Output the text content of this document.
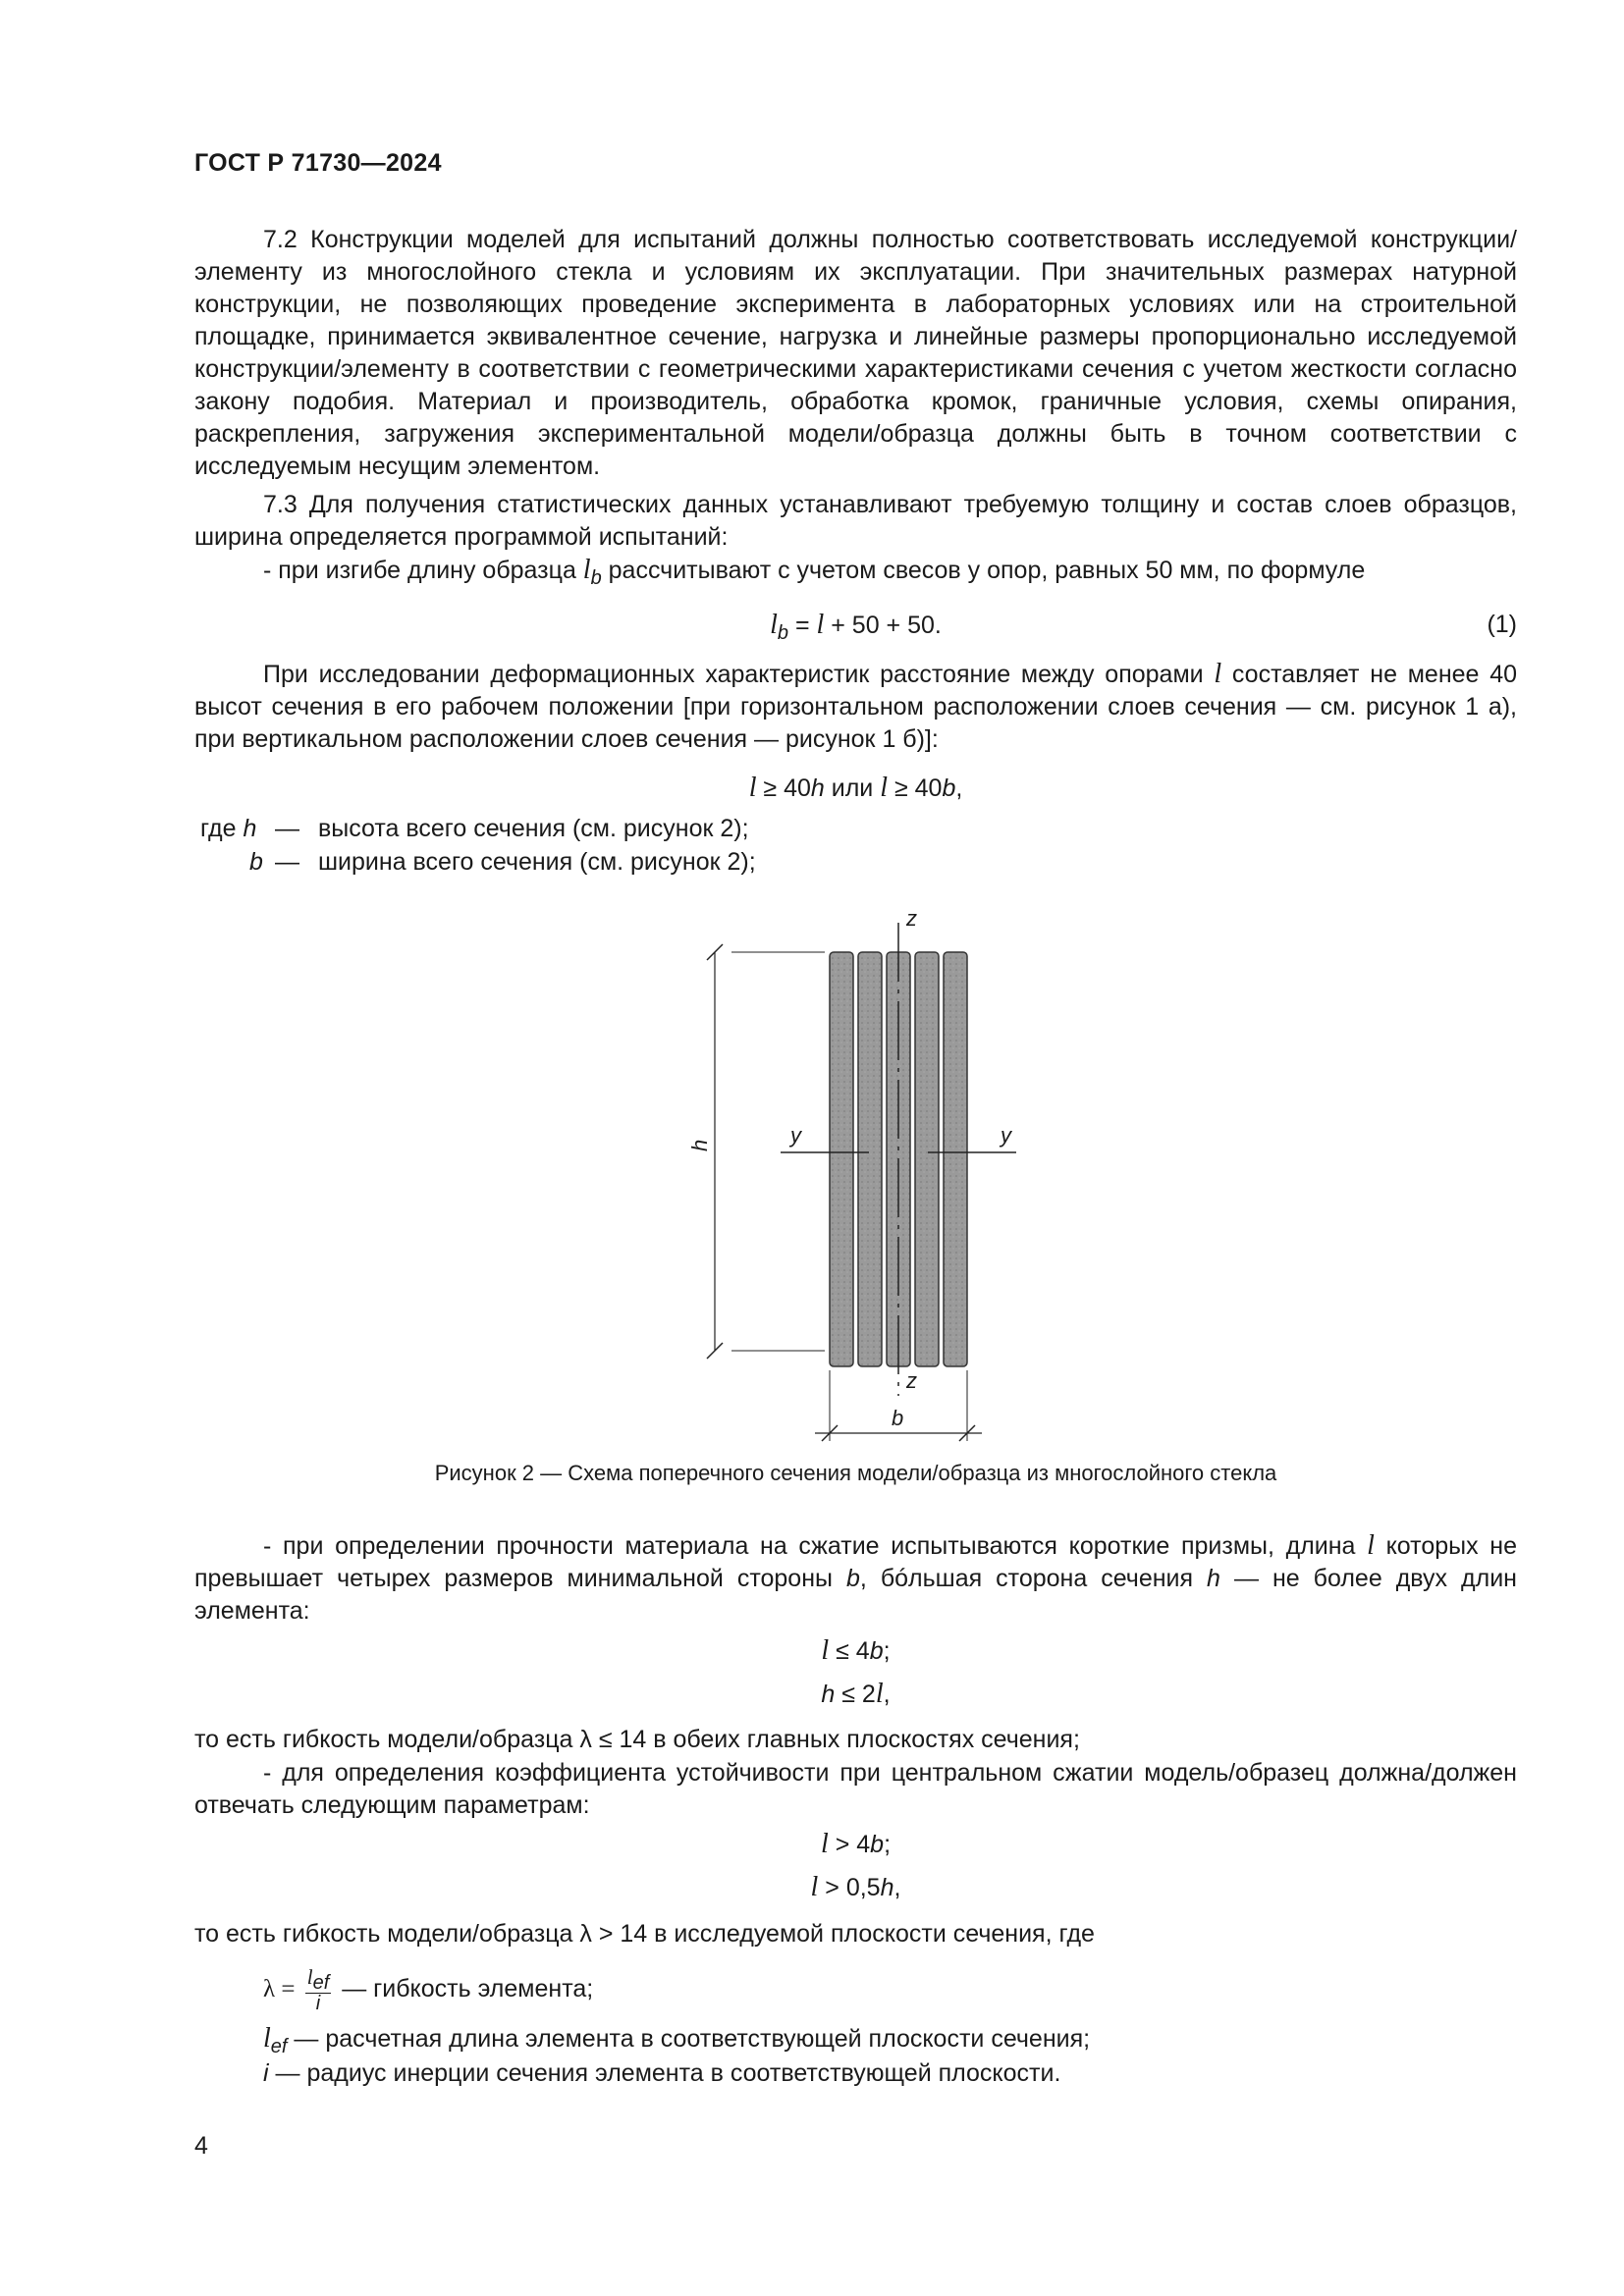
ГОСТ Р 71730—2024
7.2 Конструкции моделей для испытаний должны полностью соответствовать исследуемой конструкции/элементу из многослойного стекла и условиям их эксплуатации. При значительных размерах натурной конструкции, не позволяющих проведение эксперимента в лабораторных условиях или на строительной площадке, принимается эквивалентное сечение, нагрузка и линейные размеры пропорционально исследуемой конструкции/элементу в соответствии с геометрическими характеристиками сечения с учетом жесткости согласно закону подобия. Материал и производитель, обработка кромок, граничные условия, схемы опирания, раскрепления, загружения экспериментальной модели/образца должны быть в точном соответствии с исследуемым несущим элементом.
7.3 Для получения статистических данных устанавливают требуемую толщину и состав слоев образцов, ширина определяется программой испытаний:
- при изгибе длину образца $l_b$ рассчитывают с учетом свесов у опор, равных 50 мм, по формуле
$l_b = l + 50 + 50$.	(1)
При исследовании деформационных характеристик расстояние между опорами l составляет не менее 40 высот сечения в его рабочем положении [при горизонтальном расположении слоев сечения — см. рисунок 1 а), при вертикальном расположении слоев сечения — рисунок 1 б)]:
l ≥ 40h или l ≥ 40b,
где h — высота всего сечения (см. рисунок 2);
b — ширина всего сечения (см. рисунок 2);
z
z
y	y
h
b
Рисунок 2 — Схема поперечного сечения модели/образца из многослойного стекла
- при определении прочности материала на сжатие испытываются короткие призмы, длина l которых не превышает четырех размеров минимальной стороны b, бóльшая сторона сечения h — не более двух длин элемента:
l ≤ 4b;
h ≤ 2l,
то есть гибкость модели/образца λ ≤ 14 в обеих главных плоскостях сечения;
- для определения коэффициента устойчивости при центральном сжатии модель/образец должна/должен отвечать следующим параметрам:
l > 4b;
l > 0,5h,
то есть гибкость модели/образца λ > 14 в исследуемой плоскости сечения, где
$\lambda = \frac{l_{ef}}{i}$ — гибкость элемента;
$l_{ef}$ — расчетная длина элемента в соответствующей плоскости сечения;
i — радиус инерции сечения элемента в соответствующей плоскости.
4
